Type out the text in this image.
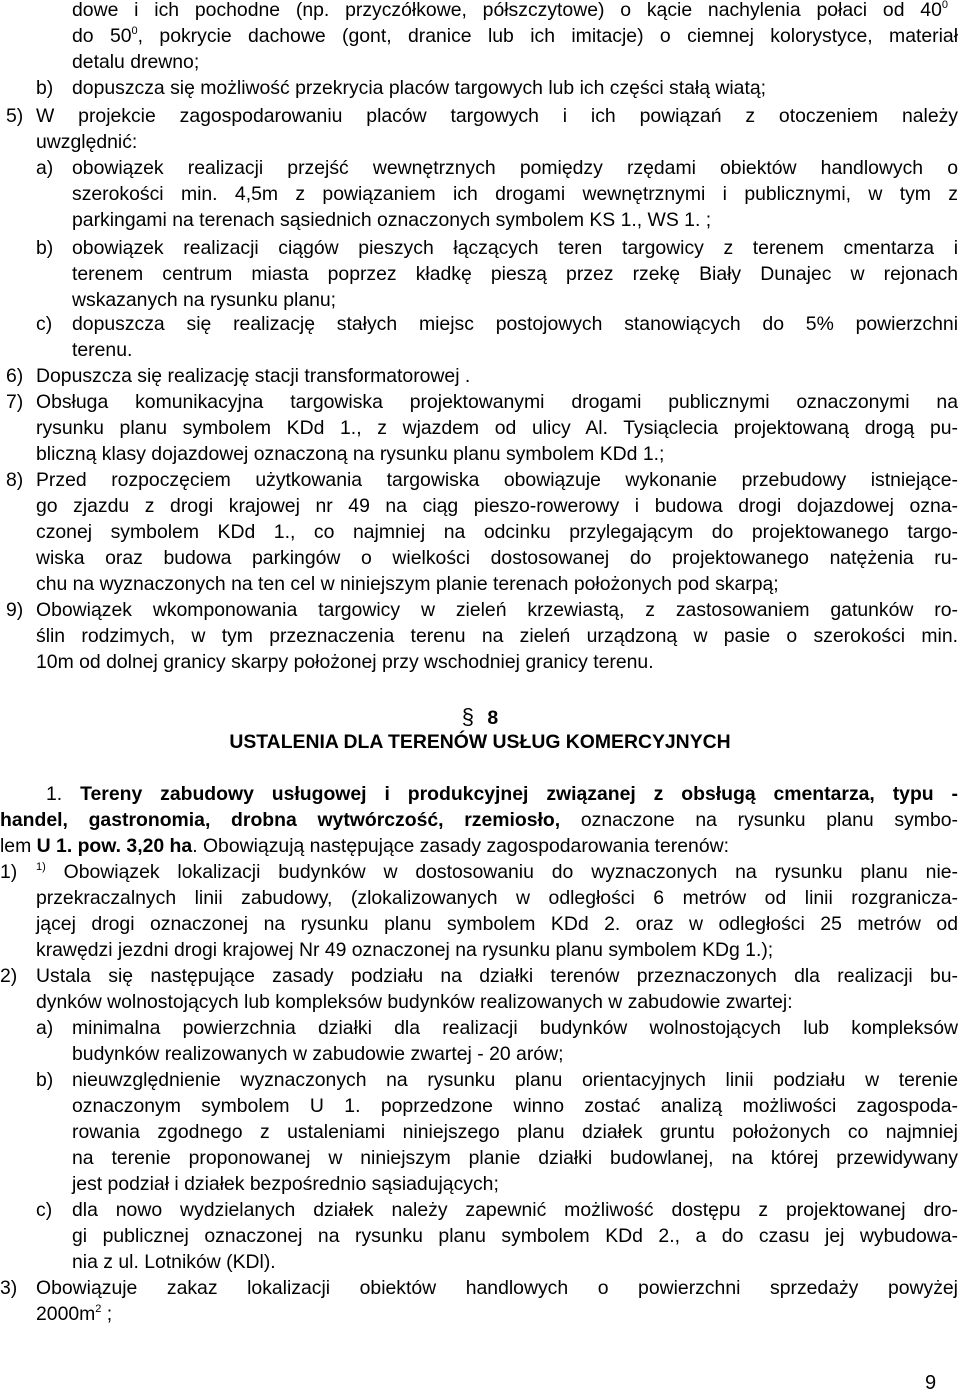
dowe i ich pochodne (np. przyczółkowe, półszczytowe) o kącie nachylenia połaci od $40^0$
do $50^0$, pokrycie dachowe (gont, dranice lub ich imitacje) o ciemnej kolorystyce, materiał
detalu drewno;
b) dopuszcza się możliwość przekrycia placów targowych lub ich części stałą wiatą;
5) W projekcie zagospodarowaniu placów targowych i ich powiązań z otoczeniem należy
uwzględnić:
a) obowiązek realizacji przejść wewnętrznych pomiędzy rzędami obiektów handlowych o
szerokości min. 4,5m z powiązaniem ich drogami wewnętrznymi i publicznymi, w tym z
parkingami na terenach sąsiednich oznaczonych symbolem KS 1., WS 1. ;
b) obowiązek realizacji ciągów pieszych łączących teren targowicy z terenem cmentarza i
terenem centrum miasta poprzez kładkę pieszą przez rzekę Biały Dunajec w rejonach
wskazanych na rysunku planu;
c) dopuszcza się realizację stałych miejsc postojowych stanowiących do 5% powierzchni
terenu.
6) Dopuszcza się realizację stacji transformatorowej .
7) Obsługa komunikacyjna targowiska projektowanymi drogami publicznymi oznaczonymi na
rysunku planu symbolem KDd 1., z wjazdem od ulicy Al. Tysiąclecia projektowaną drogą pu-
bliczną klasy dojazdowej oznaczoną na rysunku planu symbolem KDd 1.;
8) Przed rozpoczęciem użytkowania targowiska obowiązuje wykonanie przebudowy istniejące-
go zjazdu z drogi krajowej nr 49 na ciąg pieszo-rowerowy i budowa drogi dojazdowej ozna-
czonej symbolem KDd 1., co najmniej na odcinku przylegającym do projektowanego targo-
wiska oraz budowa parkingów o wielkości dostosowanej do projektowanego natężenia ru-
chu na wyznaczonych na ten cel w niniejszym planie terenach położonych pod skarpą;
9) Obowiązek wkomponowania targowicy w zieleń krzewiastą, z zastosowaniem gatunków ro-
ślin rodzimych, w tym przeznaczenia terenu na zieleń urządzoną w pasie o szerokości min.
10m od dolnej granicy skarpy położonej przy wschodniej granicy terenu.
§ 8
USTALENIA DLA TERENÓW USŁUG KOMERCYJNYCH
1. Tereny zabudowy usługowej i produkcyjnej związanej z obsługą cmentarza, typu -
handel, gastronomia, drobna wytwórczość, rzemiosło, oznaczone na rysunku planu symbo-
lem U 1. pow. 3,20 ha. Obowiązują następujące zasady zagospodarowania terenów:
1) $^{1)}$ Obowiązek lokalizacji budynków w dostosowaniu do wyznaczonych na rysunku planu nie-
przekraczalnych linii zabudowy, (zlokalizowanych w odległości 6 metrów od linii rozgranicza-
jącej drogi oznaczonej na rysunku planu symbolem KDd 2. oraz w odległości 25 metrów od
krawędzi jezdni drogi krajowej Nr 49 oznaczonej na rysunku planu symbolem KDg 1.);
2) Ustala się następujące zasady podziału na działki terenów przeznaczonych dla realizacji bu-
dynków wolnostojących lub kompleksów budynków realizowanych w zabudowie zwartej:
a) minimalna powierzchnia działki dla realizacji budynków wolnostojących lub kompleksów
budynków realizowanych w zabudowie zwartej - 20 arów;
b) nieuwzględnienie wyznaczonych na rysunku planu orientacyjnych linii podziału w terenie
oznaczonym symbolem U 1. poprzedzone winno zostać analizą możliwości zagospoda-
rowania zgodnego z ustaleniami niniejszego planu działek gruntu położonych co najmniej
na terenie proponowanej w niniejszym planie działki budowlanej, na której przewidywany
jest podział i działek bezpośrednio sąsiadujących;
c) dla nowo wydzielanych działek należy zapewnić możliwość dostępu z projektowanej dro-
gi publicznej oznaczonej na rysunku planu symbolem KDd 2., a do czasu jej wybudowa-
nia z ul. Lotników (KDl).
3) Obowiązuje zakaz lokalizacji obiektów handlowych o powierzchni sprzedaży powyżej
$2000m^2$ ;
9
